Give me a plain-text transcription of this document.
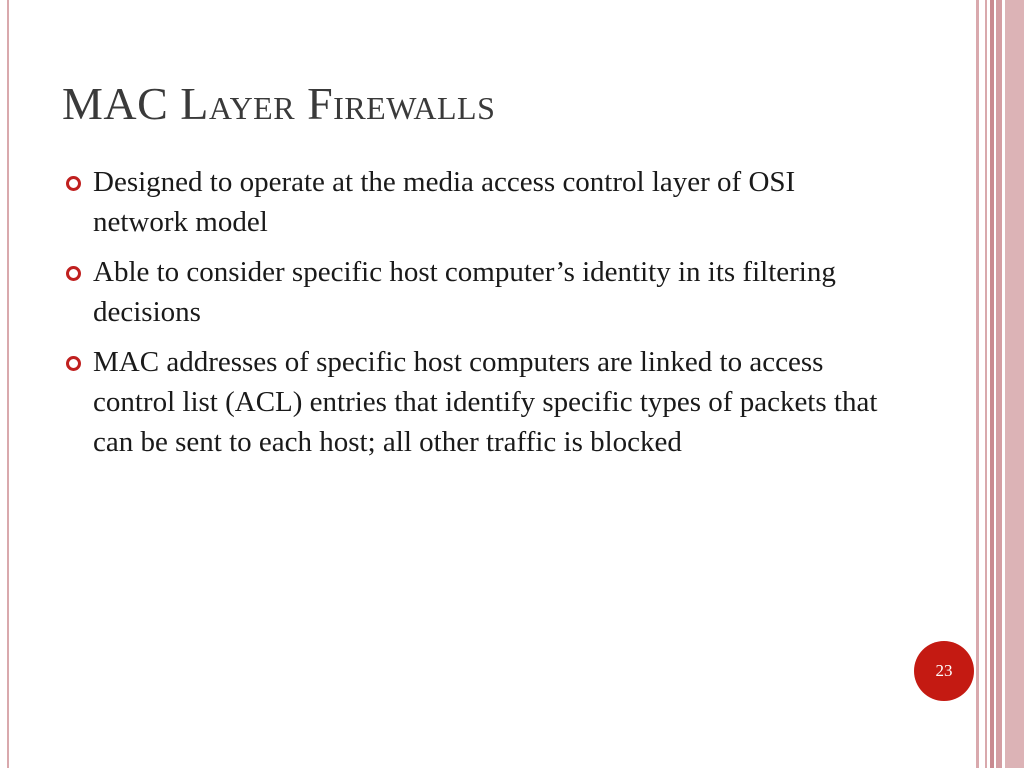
MAC Layer Firewalls
Designed to operate at the media access control layer of OSI network model
Able to consider specific host computer’s identity in its filtering decisions
MAC addresses of specific host computers are linked to access control list (ACL) entries that identify specific types of packets that can be sent to each host; all other traffic is blocked
23
